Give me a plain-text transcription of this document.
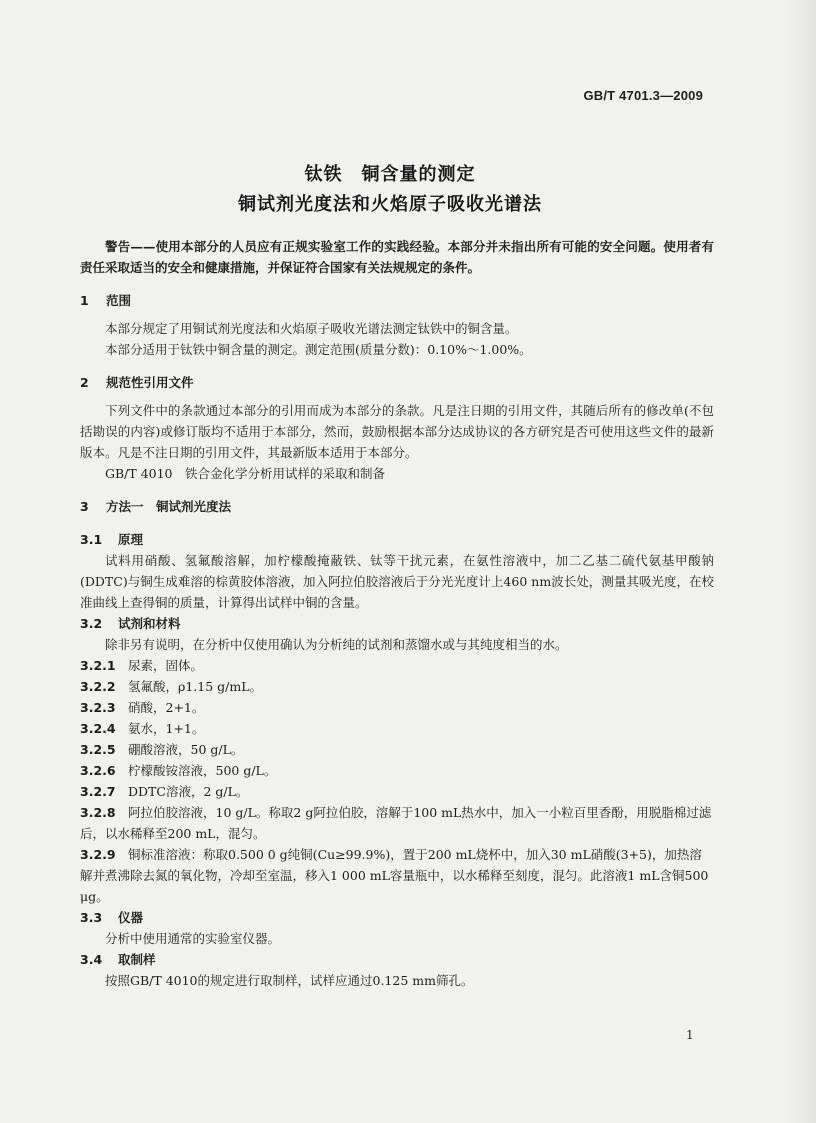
GB/T 4701.3—2009
钛铁　铜含量的测定
铜试剂光度法和火焰原子吸收光谱法

警告——使用本部分的人员应有正规实验室工作的实践经验。本部分并未指出所有可能的安全问题。使用者有责任采取适当的安全和健康措施，并保证符合国家有关法规规定的条件。

1 范围

本部分规定了用铜试剂光度法和火焰原子吸收光谱法测定钛铁中的铜含量。

本部分适用于钛铁中铜含量的测定。测定范围(质量分数)：0.10%～1.00%。

2 规范性引用文件

下列文件中的条款通过本部分的引用而成为本部分的条款。凡是注日期的引用文件，其随后所有的修改单(不包括勘误的内容)或修订版均不适用于本部分，然而，鼓励根据本部分达成协议的各方研究是否可使用这些文件的最新版本。凡是不注日期的引用文件，其最新版本适用于本部分。

GB/T 4010　铁合金化学分析用试样的采取和制备

3 方法一　铜试剂光度法

3.1 原理

试料用硝酸、氢氟酸溶解，加柠檬酸掩蔽铁、钛等干扰元素，在氨性溶液中，加二乙基二硫代氨基甲酸钠(DDTC)与铜生成难溶的棕黄胶体溶液，加入阿拉伯胶溶液后于分光光度计上460 nm波长处，测量其吸光度，在校准曲线上查得铜的质量，计算得出试样中铜的含量。

3.2 试剂和材料

除非另有说明，在分析中仅使用确认为分析纯的试剂和蒸馏水或与其纯度相当的水。

3.2.1 尿素，固体。

3.2.2 氢氟酸，ρ1.15 g/mL。

3.2.3 硝酸，2+1。

3.2.4 氨水，1+1。

3.2.5 硼酸溶液，50 g/L。

3.2.6 柠檬酸铵溶液，500 g/L。

3.2.7 DDTC溶液，2 g/L。

3.2.8 阿拉伯胶溶液，10 g/L。称取2 g阿拉伯胶，溶解于100 mL热水中，加入一小粒百里香酚，用脱脂棉过滤后，以水稀释至200 mL，混匀。

3.2.9 铜标准溶液：称取0.500 0 g纯铜(Cu≥99.9%)，置于200 mL烧杯中，加入30 mL硝酸(3+5)，加热溶解并煮沸除去氮的氧化物，冷却至室温，移入1 000 mL容量瓶中，以水稀释至刻度，混匀。此溶液1 mL含铜500 μg。

3.3 仪器

分析中使用通常的实验室仪器。

3.4 取制样

按照GB/T 4010的规定进行取制样，试样应通过0.125 mm筛孔。

1
